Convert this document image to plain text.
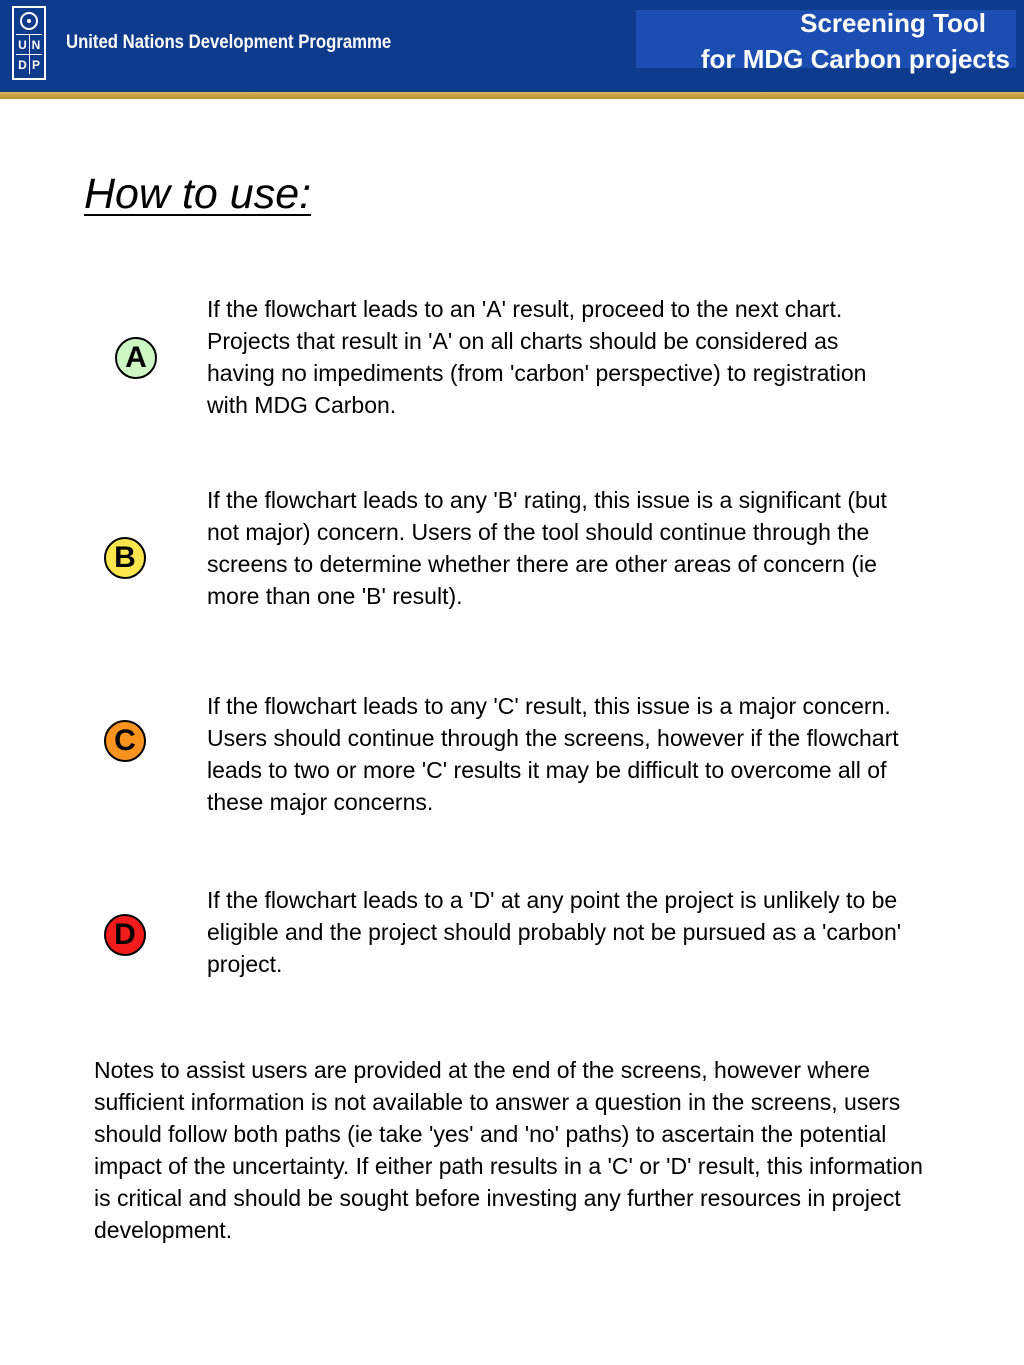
U N
D P
United Nations Development Programme
Screening Tool
for MDG Carbon projects
How to use:
A
If the flowchart leads to an 'A' result, proceed to the next chart. Projects that result in 'A' on all charts should be considered as having no impediments (from 'carbon' perspective) to registration with MDG Carbon.
B
If the flowchart leads to any 'B' rating, this issue is a significant (but not major) concern. Users of the tool should continue through the screens to determine whether there are other areas of concern (ie more than one 'B' result).
C
If the flowchart leads to any 'C' result, this issue is a major concern. Users should continue through the screens, however if the flowchart leads to two or more 'C' results it may be difficult to overcome all of these major concerns.
D
If the flowchart leads to a 'D' at any point the project is unlikely to be eligible and the project should probably not be pursued as a 'carbon' project.
Notes to assist users are provided at the end of the screens, however where sufficient information is not available to answer a question in the screens, users should follow both paths (ie take 'yes' and 'no' paths) to ascertain the potential impact of the uncertainty. If either path results in a 'C' or 'D' result, this information is critical and should be sought before investing any further resources in project development.
